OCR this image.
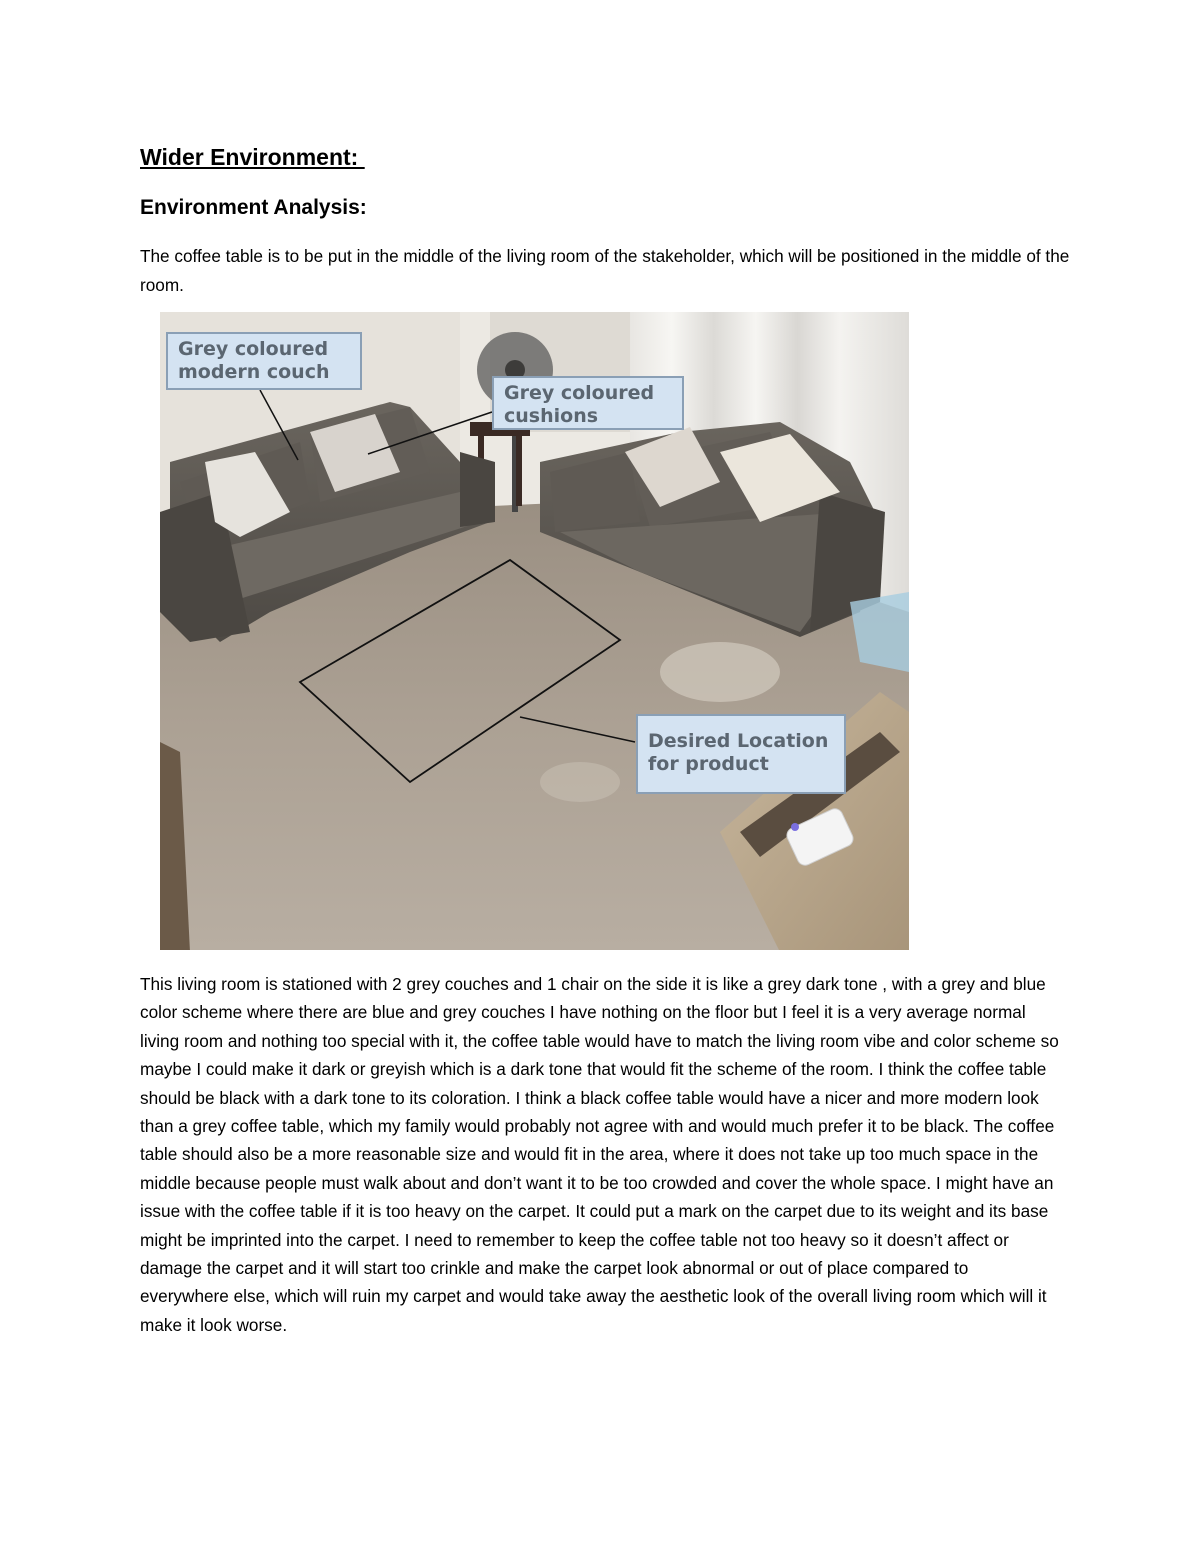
Wider Environment:
Environment Analysis:
The coffee table is to be put in the middle of the living room of the stakeholder, which will be positioned in the middle of the room.
Grey coloured
modern couch
Grey coloured
cushions
Desired Location
for product
This living room is stationed with 2 grey couches and 1 chair on the side it is like a grey dark tone , with a grey and blue color scheme where there are blue and grey couches I have nothing on the floor but I feel it is a very average normal living room and nothing too special with it, the coffee table would have to match the living room vibe and color scheme so maybe I could make it dark or greyish which is a dark tone that would fit the scheme of the room. I think the coffee table should be black with a dark tone to its coloration. I think a black coffee table would have a nicer and more modern look than a grey coffee table, which my family would probably not agree with and would much prefer it to be black. The coffee table should also be a more reasonable size and would fit in the area, where it does not take up too much space in the middle because people must walk about and don’t want it to be too crowded and cover the whole space. I might have an issue with the coffee table if it is too heavy on the carpet. It could put a mark on the carpet due to its weight and its base might be imprinted into the carpet. I need to remember to keep the coffee table not too heavy so it doesn’t affect or damage the carpet and it will start too crinkle and make the carpet look abnormal or out of place compared to everywhere else, which will ruin my carpet and would take away the aesthetic look of the overall living room which will it make it look worse.
